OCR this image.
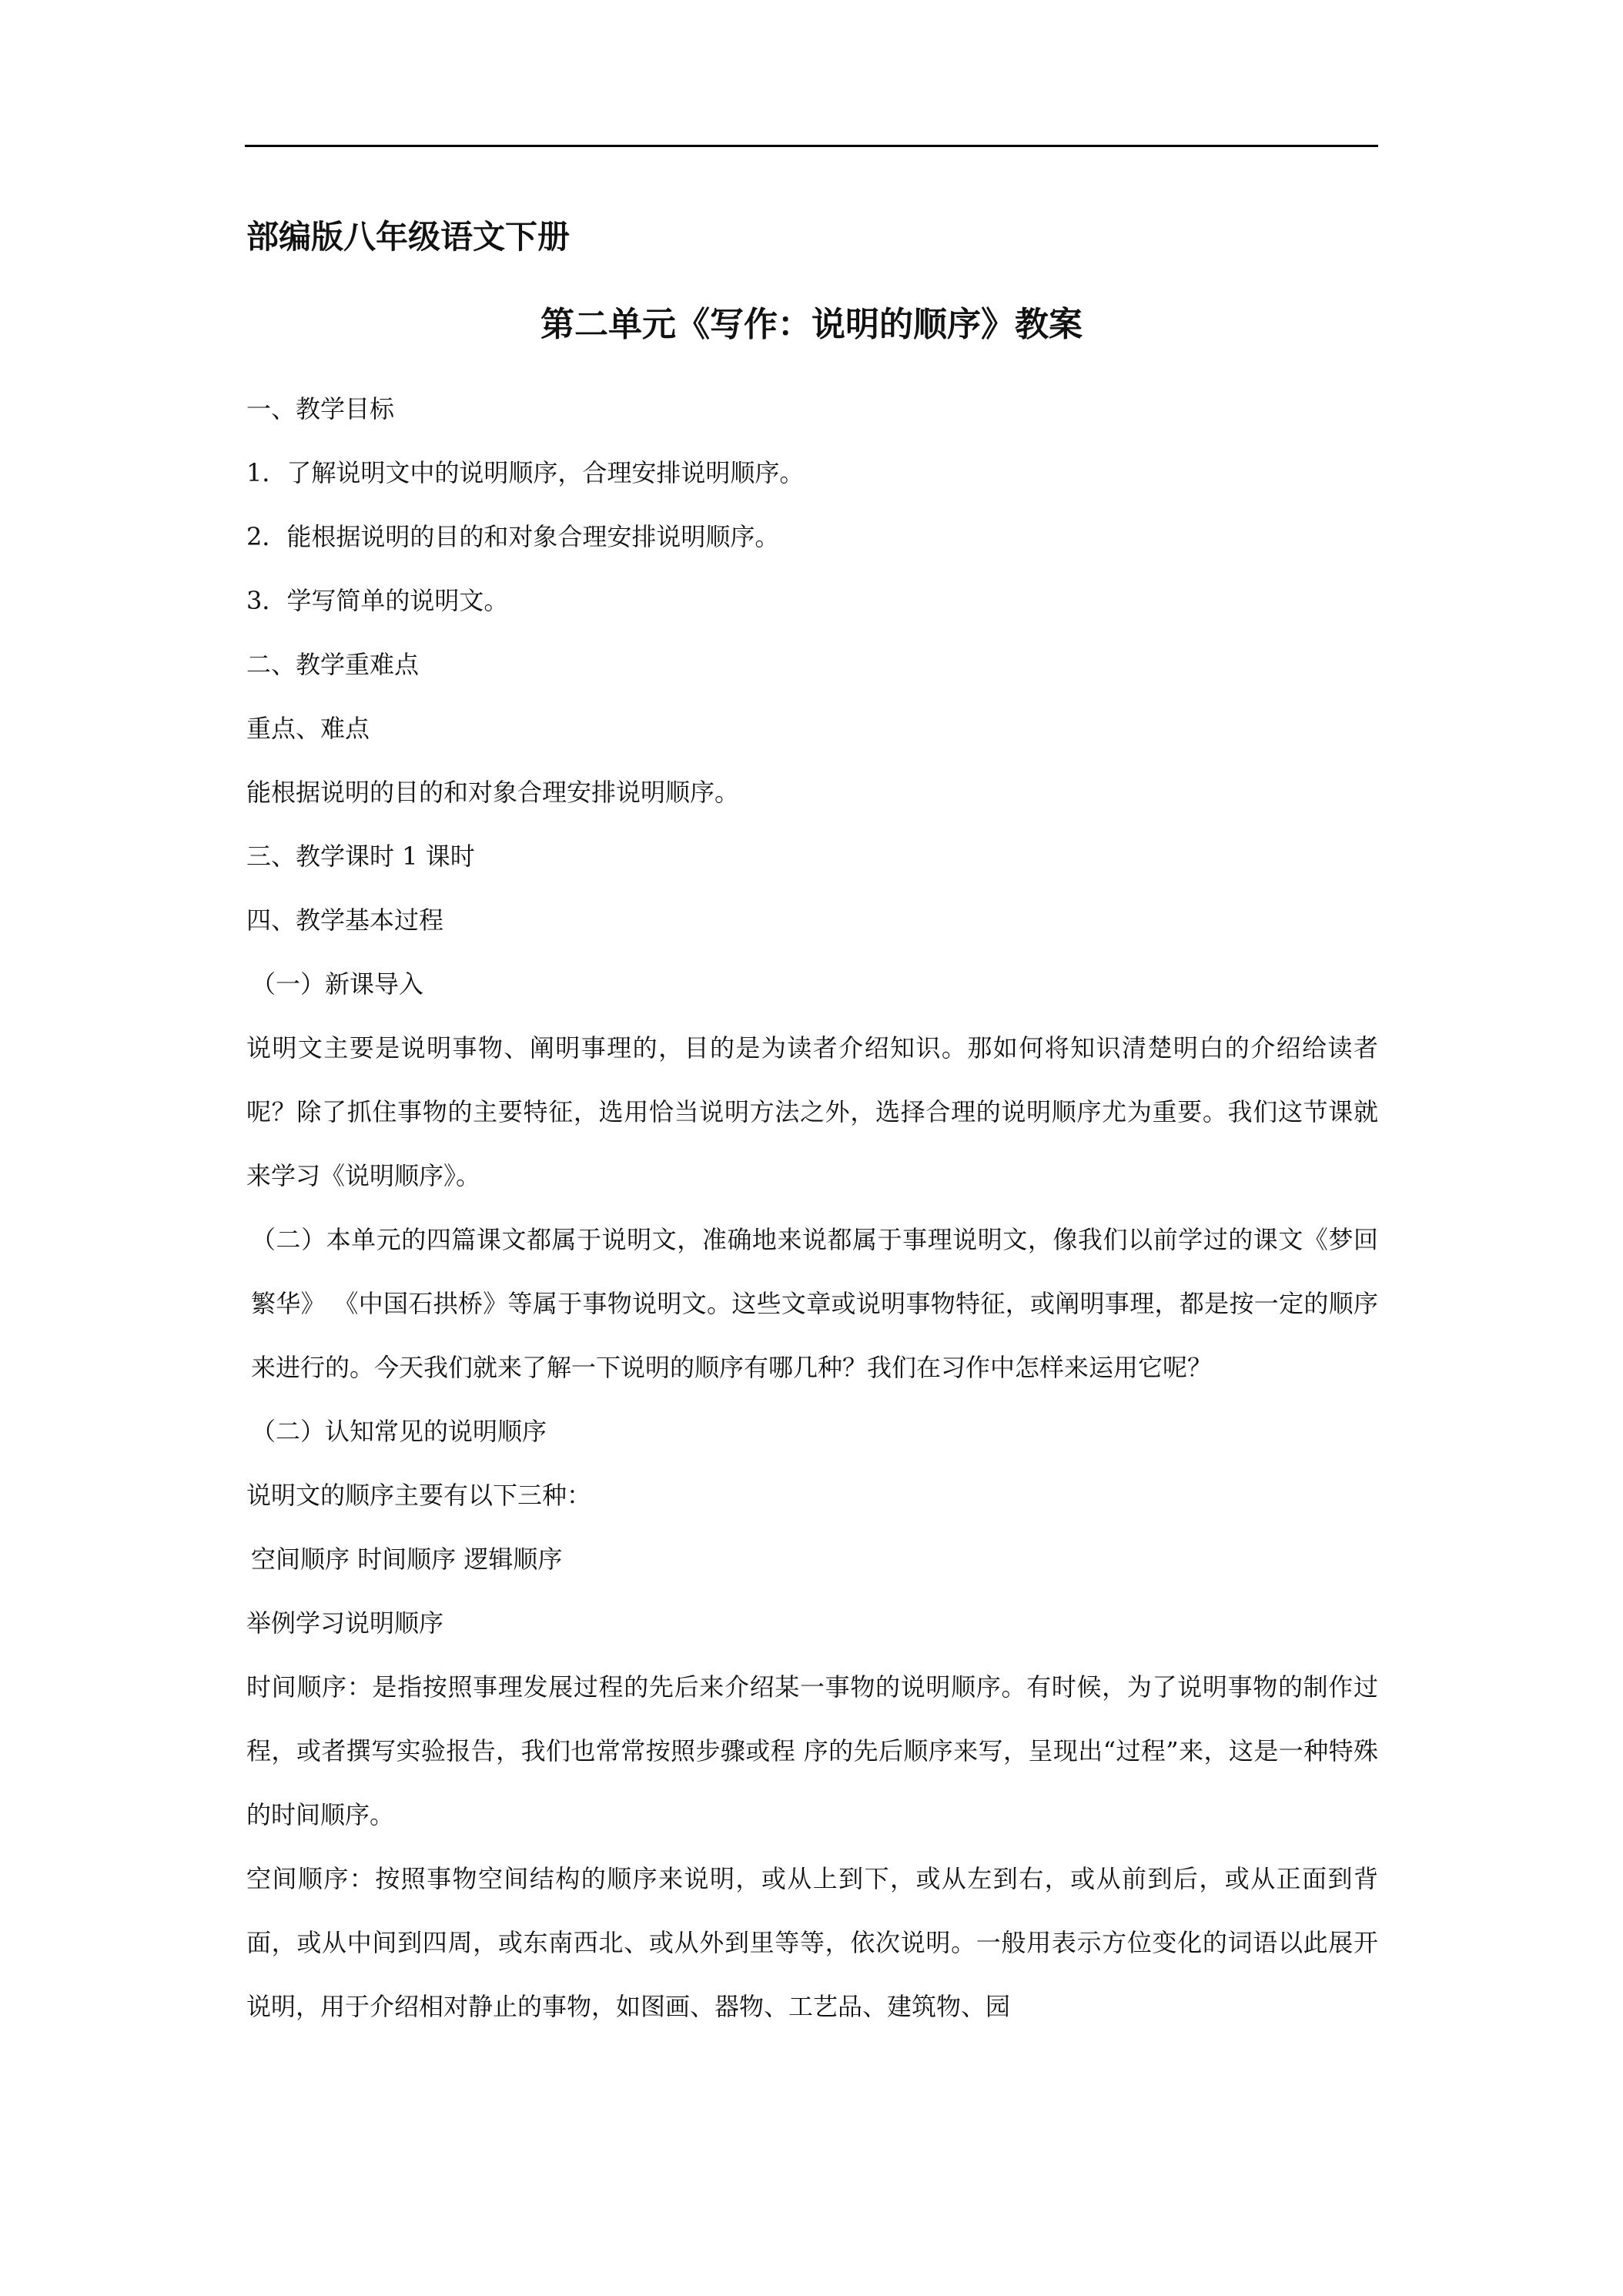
部编版八年级语文下册
第二单元《写作：说明的顺序》教案

一、教学目标

1．了解说明文中的说明顺序，合理安排说明顺序。

2．能根据说明的目的和对象合理安排说明顺序。

3．学写简单的说明文。

二、教学重难点

重点、难点

能根据说明的目的和对象合理安排说明顺序。

三、教学课时 1 课时

四、教学基本过程

（一）新课导入

说明文主要是说明事物、阐明事理的，目的是为读者介绍知识。那如何将知识清楚明白的介绍给读者呢？除了抓住事物的主要特征，选用恰当说明方法之外，选择合理的说明顺序尤为重要。我们这节课就来学习《说明顺序》。

（二）本单元的四篇课文都属于说明文，准确地来说都属于事理说明文，像我们以前学过的课文《梦回繁华》 《中国石拱桥》等属于事物说明文。这些文章或说明事物特征，或阐明事理，都是按一定的顺序来进行的。今天我们就来了解一下说明的顺序有哪几种？我们在习作中怎样来运用它呢？

（二）认知常见的说明顺序

说明文的顺序主要有以下三种：

空间顺序 时间顺序 逻辑顺序

举例学习说明顺序

时间顺序：是指按照事理发展过程的先后来介绍某一事物的说明顺序。有时候，为了说明事物的制作过程，或者撰写实验报告，我们也常常按照步骤或程 序的先后顺序来写，呈现出“过程”来，这是一种特殊的时间顺序。

空间顺序：按照事物空间结构的顺序来说明，或从上到下，或从左到右，或从前到后，或从正面到背面，或从中间到四周，或东南西北、或从外到里等等，依次说明。一般用表示方位变化的词语以此展开说明，用于介绍相对静止的事物，如图画、器物、工艺品、建筑物、园
